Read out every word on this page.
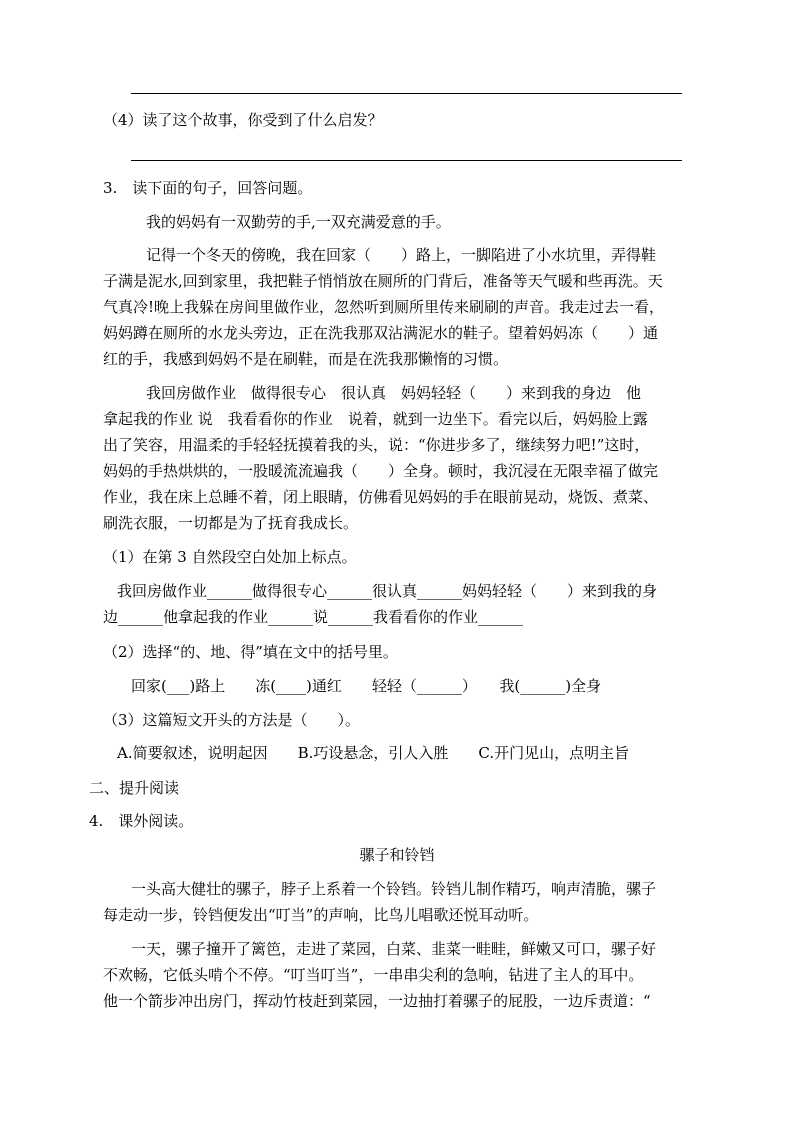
（4）读了这个故事，你受到了什么启发？
3.　读下面的句子，回答问题。
我的妈妈有一双勤劳的手,一双充满爱意的手。
记得一个冬天的傍晚，我在回家（　　）路上，一脚陷进了小水坑里，弄得鞋
子满是泥水,回到家里，我把鞋子悄悄放在厕所的门背后，准备等天气暖和些再洗。天
气真冷!晚上我躲在房间里做作业，忽然听到厕所里传来刷刷的声音。我走过去一看，
妈妈蹲在厕所的水龙头旁边，正在洗我那双沾满泥水的鞋子。望着妈妈冻（　　）通
红的手，我感到妈妈不是在刷鞋，而是在洗我那懒惰的习惯。
我回房做作业　做得很专心　很认真　妈妈轻轻（　　）来到我的身边　他
拿起我的作业 说　我看看你的作业　说着，就到一边坐下。看完以后，妈妈脸上露
出了笑容，用温柔的手轻轻抚摸着我的头，说：“你进步多了，继续努力吧!”这时，
妈妈的手热烘烘的，一股暖流流遍我（　　）全身。顿时，我沉浸在无限幸福了做完
作业，我在床上总睡不着，闭上眼睛，仿佛看见妈妈的手在眼前晃动，烧饭、煮菜、
刷洗衣服，一切都是为了抚育我成长。
（1）在第 3 自然段空白处加上标点。
我回房做作业______做得很专心______很认真______妈妈轻轻（　　）来到我的身
边______他拿起我的作业______说______我看看你的作业______
（2）选择“的、地、得”填在文中的括号里。
回家(___)路上　　冻(____)通红　　轻轻（______）　　我(______)全身
（3）这篇短文开头的方法是（　　）。
A.简要叙述，说明起因　　B.巧设悬念，引人入胜　　C.开门见山，点明主旨
二、提升阅读
4.　课外阅读。
骡子和铃铛
一头高大健壮的骡子，脖子上系着一个铃铛。铃铛儿制作精巧，响声清脆，骡子
每走动一步，铃铛便发出“叮当”的声响，比鸟儿唱歌还悦耳动听。
一天，骡子撞开了篱笆，走进了菜园，白菜、韭菜一畦畦，鲜嫩又可口，骡子好
不欢畅，它低头啃个不停。“叮当叮当”，一串串尖利的急响，钻进了主人的耳中。
他一个箭步冲出房门，挥动竹枝赶到菜园，一边抽打着骡子的屁股，一边斥责道：“
